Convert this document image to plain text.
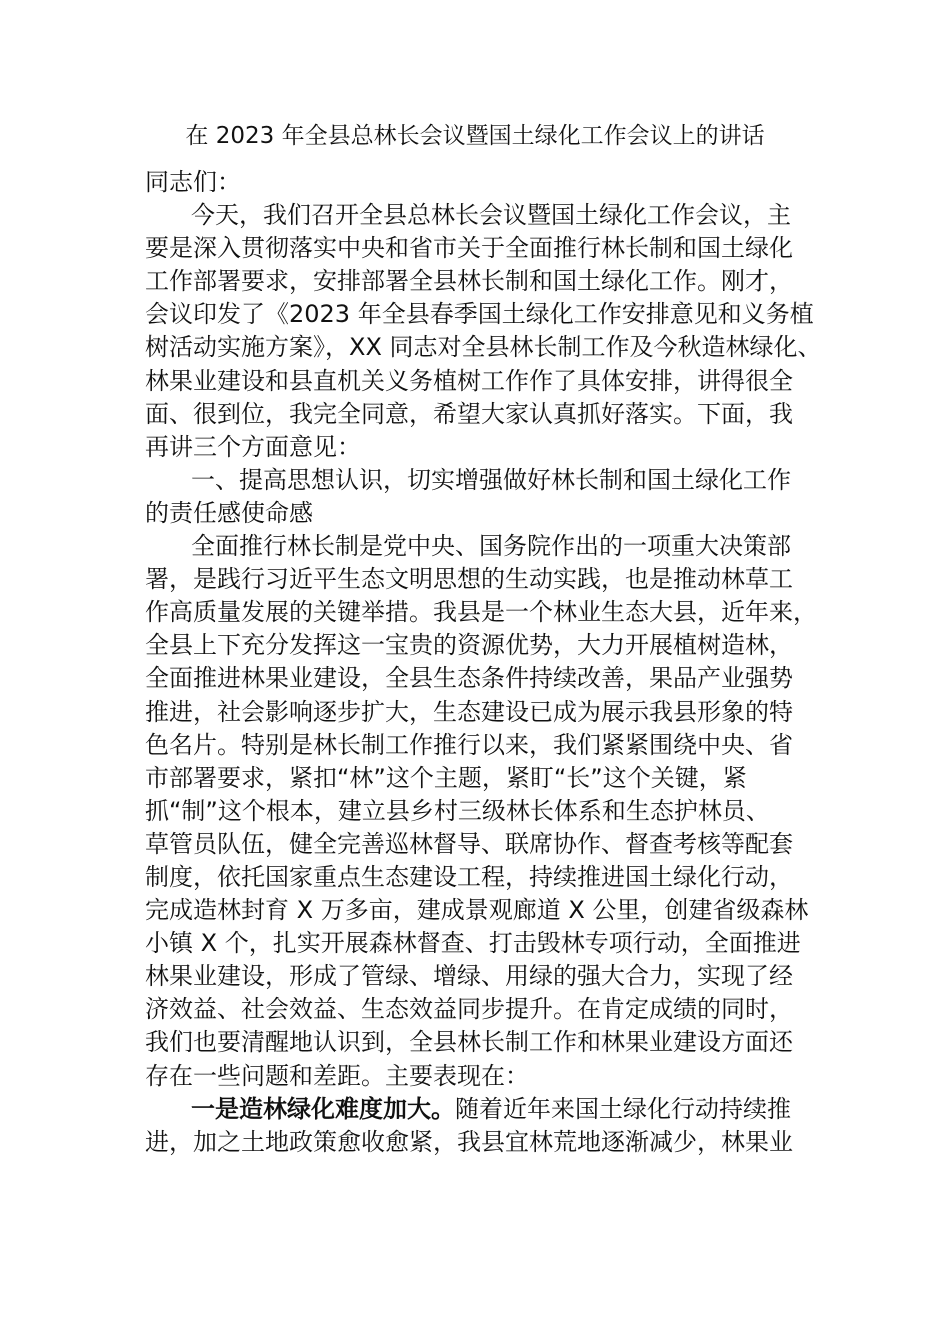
在 2023 年全县总林长会议暨国土绿化工作会议上的讲话
同志们：
今天，我们召开全县总林长会议暨国土绿化工作会议，主
要是深入贯彻落实中央和省市关于全面推行林长制和国土绿化
工作部署要求，安排部署全县林长制和国土绿化工作。刚才，
会议印发了《2023 年全县春季国土绿化工作安排意见和义务植
树活动实施方案》，XX 同志对全县林长制工作及今秋造林绿化、
林果业建设和县直机关义务植树工作作了具体安排，讲得很全
面、很到位，我完全同意，希望大家认真抓好落实。下面，我
再讲三个方面意见：
一、提高思想认识，切实增强做好林长制和国土绿化工作
的责任感使命感
全面推行林长制是党中央、国务院作出的一项重大决策部
署，是践行习近平生态文明思想的生动实践，也是推动林草工
作高质量发展的关键举措。我县是一个林业生态大县，近年来，
全县上下充分发挥这一宝贵的资源优势，大力开展植树造林，
全面推进林果业建设，全县生态条件持续改善，果品产业强势
推进，社会影响逐步扩大，生态建设已成为展示我县形象的特
色名片。特别是林长制工作推行以来，我们紧紧围绕中央、省
市部署要求，紧扣“林”这个主题，紧盯“长”这个关键，紧
抓“制”这个根本，建立县乡村三级林长体系和生态护林员、
草管员队伍，健全完善巡林督导、联席协作、督查考核等配套
制度，依托国家重点生态建设工程，持续推进国土绿化行动，
完成造林封育 X 万多亩，建成景观廊道 X 公里，创建省级森林
小镇 X 个，扎实开展森林督查、打击毁林专项行动，全面推进
林果业建设，形成了管绿、增绿、用绿的强大合力，实现了经
济效益、社会效益、生态效益同步提升。在肯定成绩的同时，
我们也要清醒地认识到，全县林长制工作和林果业建设方面还
存在一些问题和差距。主要表现在：
一是造林绿化难度加大。随着近年来国土绿化行动持续推
进，加之土地政策愈收愈紧，我县宜林荒地逐渐减少，林果业
